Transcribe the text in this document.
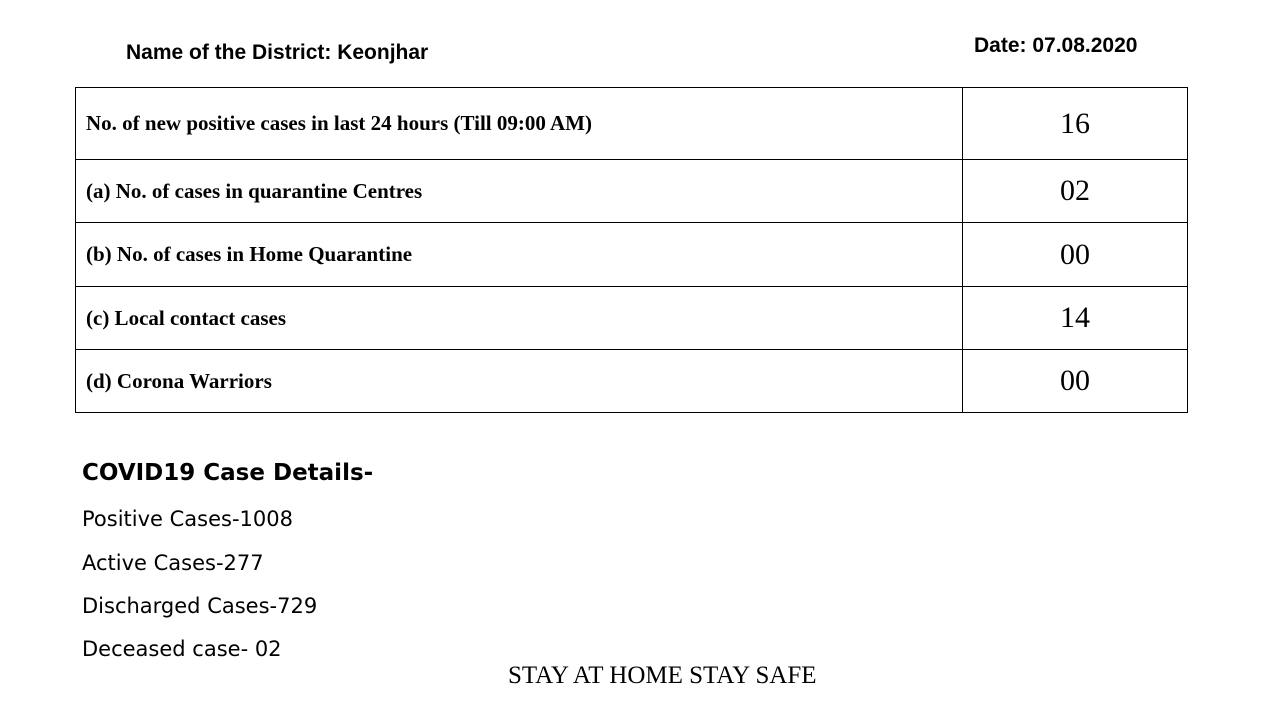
Name of the District: Keonjhar	Date: 07.08.2020
No. of new positive cases in last 24 hours (Till 09:00 AM)	16
(a) No. of cases in quarantine Centres	02
(b) No. of cases in Home Quarantine	00
(c) Local contact cases	14
(d) Corona Warriors	00
COVID19 Case Details-
Positive Cases-1008
Active Cases-277
Discharged Cases-729
Deceased case- 02
STAY AT HOME STAY SAFE
